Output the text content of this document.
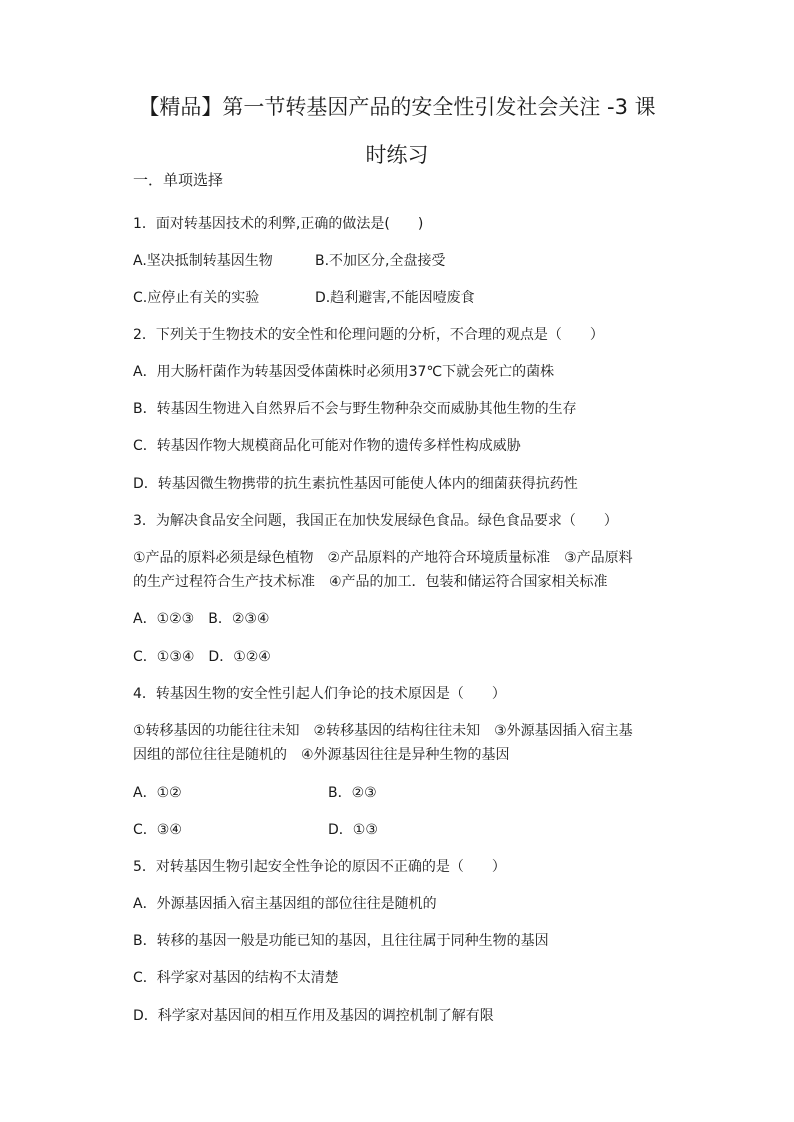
【精品】第一节转基因产品的安全性引发社会关注 -3 课
时练习
一．单项选择
1．面对转基因技术的利弊,正确的做法是(　　)
A.坚决抵制转基因生物	B.不加区分,全盘接受
C.应停止有关的实验	D.趋利避害,不能因噎废食
2．下列关于生物技术的安全性和伦理问题的分析，不合理的观点是（　　）
A．用大肠杆菌作为转基因受体菌株时必须用37℃下就会死亡的菌株
B．转基因生物进入自然界后不会与野生物种杂交而威胁其他生物的生存
C．转基因作物大规模商品化可能对作物的遗传多样性构成威胁
D．转基因微生物携带的抗生素抗性基因可能使人体内的细菌获得抗药性
3．为解决食品安全问题，我国正在加快发展绿色食品。绿色食品要求（　　）
①产品的原料必须是绿色植物　②产品原料的产地符合环境质量标准　③产品原料
的生产过程符合生产技术标准　④产品的加工．包装和储运符合国家相关标准
A．①②③　B．②③④
C．①③④　D．①②④
4．转基因生物的安全性引起人们争论的技术原因是（　　）
①转移基因的功能往往未知　②转移基因的结构往往未知　③外源基因插入宿主基
因组的部位往往是随机的　④外源基因往往是异种生物的基因
A．①②	B．②③
C．③④	D．①③
5．对转基因生物引起安全性争论的原因不正确的是（　　）
A．外源基因插入宿主基因组的部位往往是随机的
B．转移的基因一般是功能已知的基因，且往往属于同种生物的基因
C．科学家对基因的结构不太清楚
D．科学家对基因间的相互作用及基因的调控机制了解有限
